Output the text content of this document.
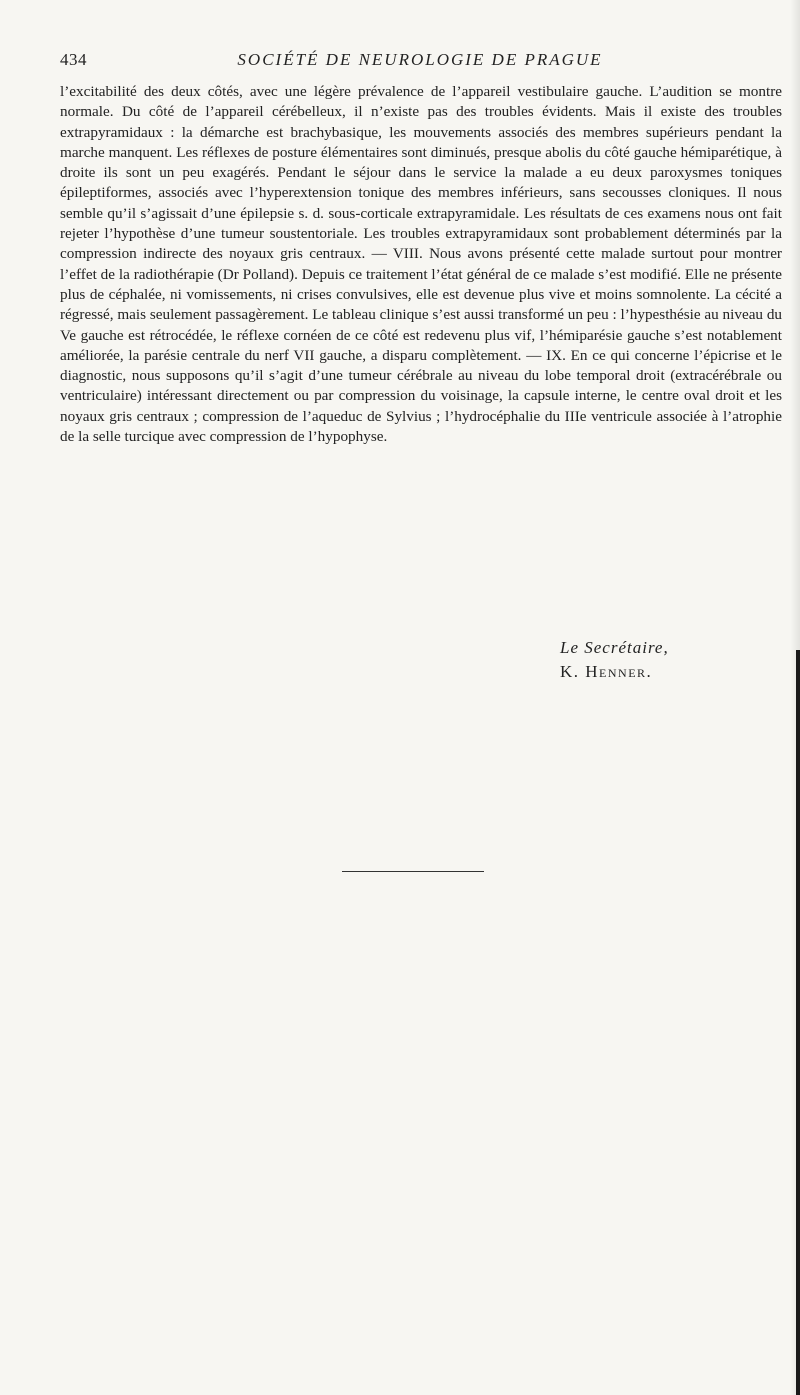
434	SOCIÉTÉ DE NEUROLOGIE DE PRAGUE

l’excitabilité des deux côtés, avec une légère prévalence de l’appareil vestibulaire gauche. L’audition se montre normale. Du côté de l’appareil cérébelleux, il n’existe pas des troubles évidents. Mais il existe des troubles extrapyramidaux : la démarche est brachybasique, les mouvements associés des membres supérieurs pendant la marche manquent. Les réflexes de posture élémentaires sont diminués, presque abolis du côté gauche hémiparétique, à droite ils sont un peu exagérés. Pendant le séjour dans le service la malade a eu deux paroxysmes toniques épileptiformes, associés avec l’hyperextension tonique des membres inférieurs, sans secousses cloniques. Il nous semble qu’il s’agissait d’une épilepsie s. d. sous-corticale extrapyramidale. Les résultats de ces examens nous ont fait rejeter l’hypothèse d’une tumeur soustentoriale. Les troubles extrapyramidaux sont probablement déterminés par la compression indirecte des noyaux gris centraux. — VIII. Nous avons présenté cette malade surtout pour montrer l’effet de la radiothérapie (Dr Polland). Depuis ce traitement l’état général de ce malade s’est modifié. Elle ne présente plus de céphalée, ni vomissements, ni crises convulsives, elle est devenue plus vive et moins somnolente. La cécité a régressé, mais seulement passagèrement. Le tableau clinique s’est aussi transformé un peu : l’hypesthésie au niveau du Ve gauche est rétrocédée, le réflexe cornéen de ce côté est redevenu plus vif, l’hémiparésie gauche s’est notablement améliorée, la parésie centrale du nerf VII gauche, a disparu complètement. — IX. En ce qui concerne l’épicrise et le diagnostic, nous supposons qu’il s’agit d’une tumeur cérébrale au niveau du lobe temporal droit (extracérébrale ou ventriculaire) intéressant directement ou par compression du voisinage, la capsule interne, le centre oval droit et les noyaux gris centraux ; compression de l’aqueduc de Sylvius ; l’hydrocéphalie du IIIe ventricule associée à l’atrophie de la selle turcique avec compression de l’hypophyse.

Le Secrétaire,
K. Henner.
